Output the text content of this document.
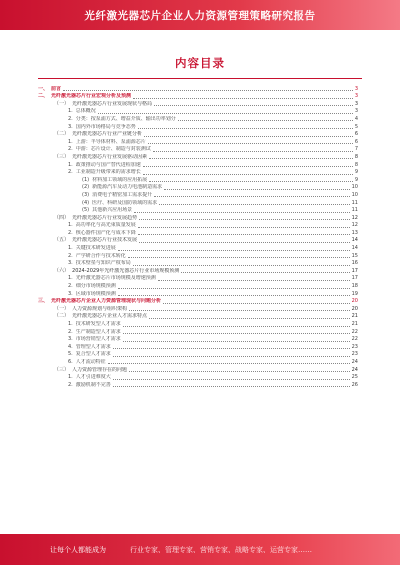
光纤激光器芯片企业人力资源管理策略研究报告
内容目录
一、 前言	3
二、 光纤激光器芯片行业宏观分析及预测	3
（一） 光纤激光器芯片行业发展现状与格局	3
1. 总体概况	3
2. 分类：按泵浦方式、增益介质、输出功率划分	4
3. 国内外市场格局与竞争态势	5
（二） 光纤激光器芯片行业产业链分析	6
1. 上游：半导体材料、泵浦源芯片	6
2. 中游：芯片设计、制造与封装测试	7
（三） 光纤激光器芯片行业发展驱动因素	8
1. 政策推动与国产替代进程加速	8
2. 工业制造升级带来的需求增长	9
(1) 材料加工领域的应用拓展	9
(2) 新能源汽车及动力电池制造需求	10
(3) 消费电子精密加工需求提升	10
(4) 医疗、科研及国防领域的需求	11
(5) 其他新兴应用场景	11
（四） 光纤激光器芯片行业发展趋势	12
1. 高功率化与高光束质量发展	12
2. 核心器件国产化与成本下降	13
（五） 光纤激光器芯片行业技术发展	14
1. 关键技术研发进展	14
2. 产学研合作与技术转化	15
3. 技术壁垒与知识产权布局	16
（六） 2024-2029年光纤激光器芯片行业市场规模预测	17
1. 光纤激光器芯片市场规模及增速预测	17
2. 细分市场规模预测	18
3. 区域市场规模预测	19
三、 光纤激光器芯片企业人力资源管理现状与问题分析	20
（一） 人力资源规划与组织架构	20
（二） 光纤激光器芯片企业人才需求特点	21
1. 技术研发型人才需求	21
2. 生产制造型人才需求	22
3. 市场营销型人才需求	22
4. 管理型人才需求	23
5. 复合型人才需求	23
6. 人才流动特征	24
（三） 人力资源管理存在的问题	24
1. 人才引进难度大	25
2. 激励机制不完善	26
让每个人都能成为	行业专家、管理专家、营销专家、战略专家、运营专家……
